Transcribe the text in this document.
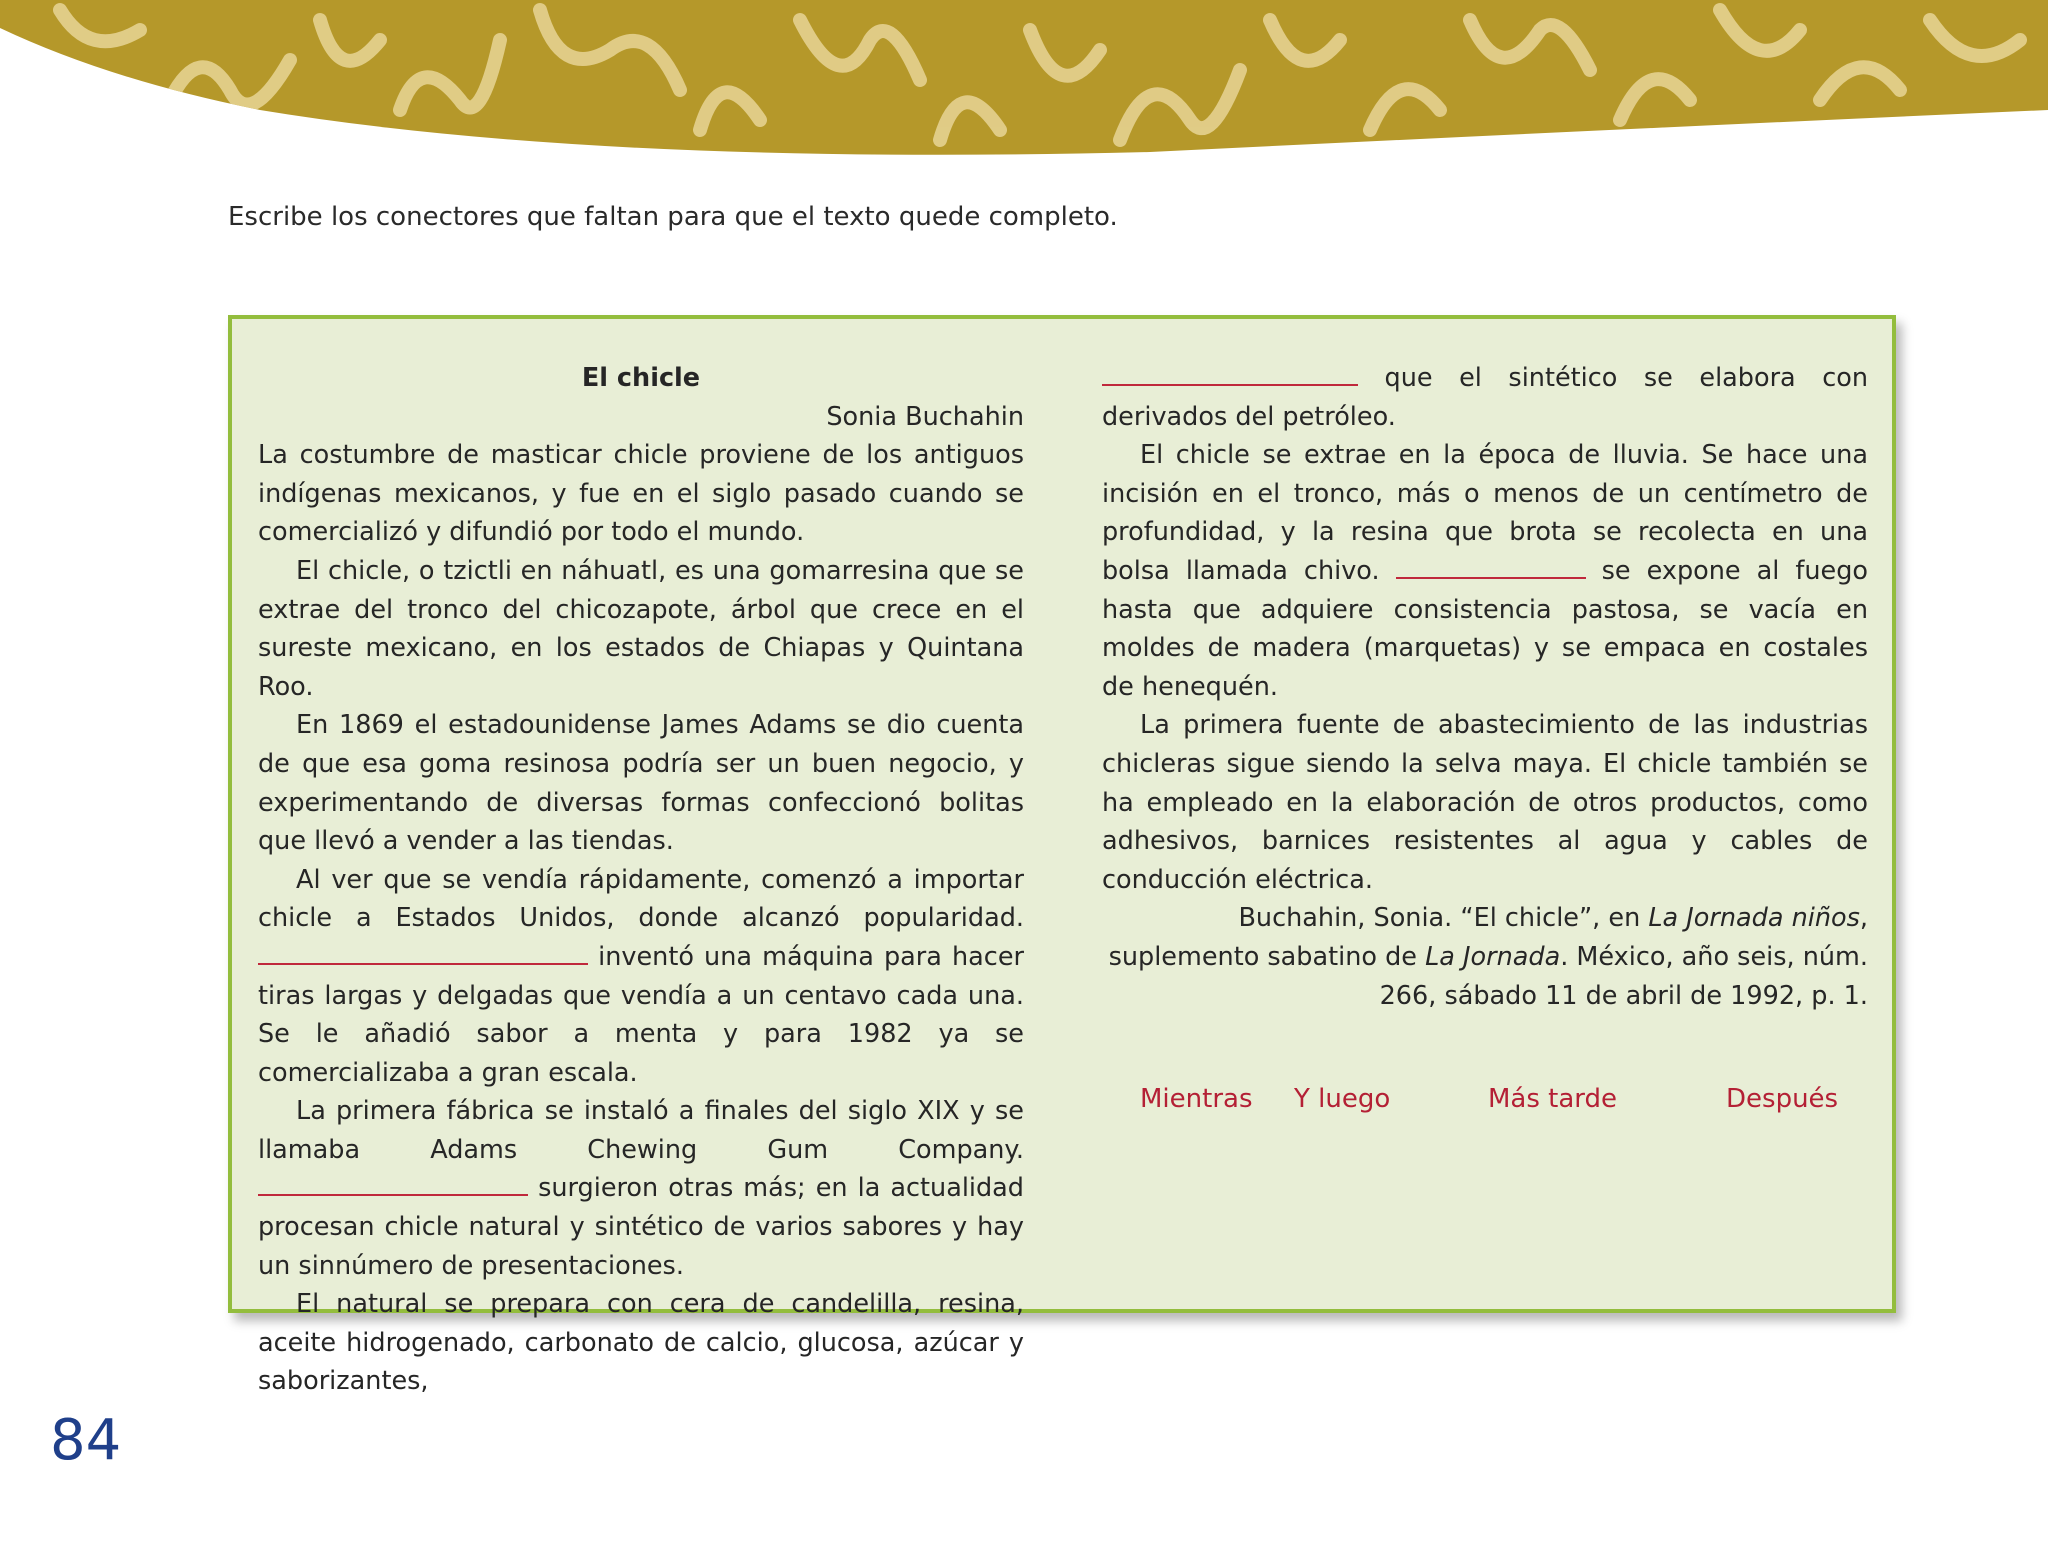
Escribe los conectores que faltan para que el texto quede completo.

El chicle

Sonia Buchahin

La costumbre de masticar chicle proviene de los antiguos indígenas mexicanos, y fue en el siglo pasado cuando se comercializó y difundió por todo el mundo.

El chicle, o tzictli en náhuatl, es una gomarresina que se extrae del tronco del chicozapote, árbol que crece en el sureste mexicano, en los estados de Chiapas y Quintana Roo.

En 1869 el estadounidense James Adams se dio cuenta de que esa goma resinosa podría ser un buen negocio, y experimentando de diversas formas confeccionó bolitas que llevó a vender a las tiendas.

Al ver que se vendía rápidamente, comenzó a importar chicle a Estados Unidos, donde alcanzó popularidad.  inventó una máquina para hacer tiras largas y delgadas que vendía a un centavo cada una. Se le añadió sabor a menta y para 1982 ya se comercializaba a gran escala.

La primera fábrica se instaló a finales del siglo XIX y se llamaba Adams Chewing Gum Company.  surgieron otras más; en la actualidad procesan chicle natural y sintético de varios sabores y hay un sinnúmero de presentaciones.

El natural se prepara con cera de candelilla, resina, aceite hidrogenado, carbonato de calcio, glucosa, azúcar y saborizantes,

que el sintético se elabora con derivados del petróleo.

El chicle se extrae en la época de lluvia. Se hace una incisión en el tronco, más o menos de un centímetro de profundidad, y la resina que brota se recolecta en una bolsa llamada chivo.	se expone al fuego hasta que adquiere consistencia pastosa, se vacía en moldes de madera (marquetas) y se empaca en costales de henequén.

La primera fuente de abastecimiento de las industrias chicleras sigue siendo la selva maya. El chicle también se ha empleado en la elaboración de otros productos, como adhesivos, barnices resistentes al agua y cables de conducción eléctrica.

Buchahin, Sonia. “El chicle”, en La Jornada niños, suplemento sabatino de La Jornada. México, año seis, núm. 266, sábado 11 de abril de 1992, p. 1.

Mientras Y luego	Más tarde	Después
84
